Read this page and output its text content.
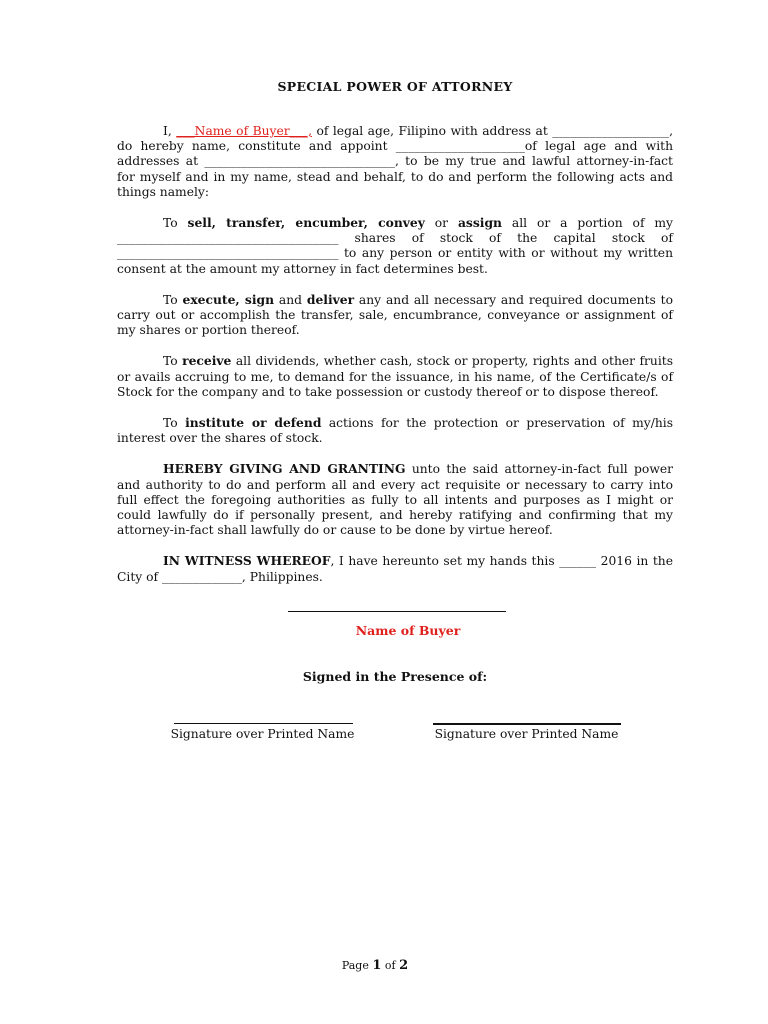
SPECIAL POWER OF ATTORNEY

I, ___Name of Buyer___, of legal age, Filipino with address at ___________________, do hereby name, constitute and appoint _____________________of legal age and with addresses at _______________________________, to be my true and lawful attorney-in-fact for myself and in my name, stead and behalf, to do and perform the following acts and things namely:

To sell, transfer, encumber, convey or assign all or a portion of my ____________________________________ shares of stock of the capital stock of ____________________________________ to any person or entity with or without my written consent at the amount my attorney in fact determines best.

To execute, sign and deliver any and all necessary and required documents to carry out or accomplish the transfer, sale, encumbrance, conveyance or assignment of my shares or portion thereof.

To receive all dividends, whether cash, stock or property, rights and other fruits or avails accruing to me, to demand for the issuance, in his name, of the Certificate/s of Stock for the company and to take possession or custody thereof or to dispose thereof.

To institute or defend actions for the protection or preservation of my/his interest over the shares of stock.

HEREBY GIVING AND GRANTING unto the said attorney-in-fact full power and authority to do and perform all and every act requisite or necessary to carry into full effect the foregoing authorities as fully to all intents and purposes as I might or could lawfully do if personally present, and hereby ratifying and confirming that my attorney-in-fact shall lawfully do or cause to be done by virtue hereof.

IN WITNESS WHEREOF, I have hereunto set my hands this ______ 2016 in the City of _____________, Philippines.

Name of Buyer
Signed in the Presence of:
Signature over Printed Name	Signature over Printed Name
Page 1 of 2
